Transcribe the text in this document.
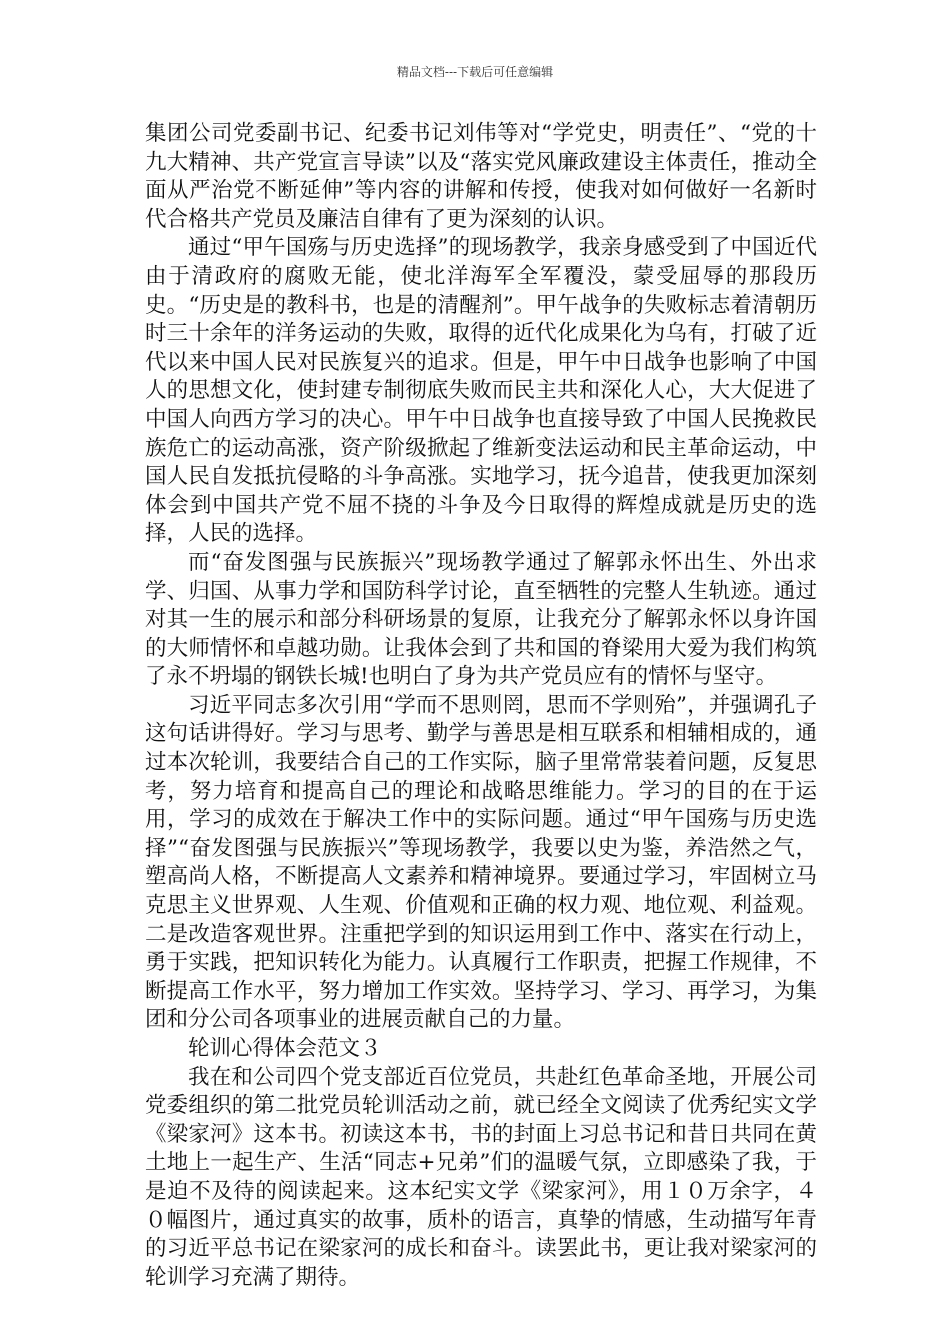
精品文档---下载后可任意编辑

集团公司党委副书记、纪委书记刘伟等对“学党史，明责任”、“党的十九大精神、共产党宣言导读”以及“落实党风廉政建设主体责任，推动全面从严治党不断延伸”等内容的讲解和传授，使我对如何做好一名新时代合格共产党员及廉洁自律有了更为深刻的认识。

通过“甲午国殇与历史选择”的现场教学，我亲身感受到了中国近代由于清政府的腐败无能，使北洋海军全军覆没，蒙受屈辱的那段历史。“历史是的教科书，也是的清醒剂”。甲午战争的失败标志着清朝历时三十余年的洋务运动的失败，取得的近代化成果化为乌有，打破了近代以来中国人民对民族复兴的追求。但是，甲午中日战争也影响了中国人的思想文化，使封建专制彻底失败而民主共和深化人心，大大促进了中国人向西方学习的决心。甲午中日战争也直接导致了中国人民挽救民族危亡的运动高涨，资产阶级掀起了维新变法运动和民主革命运动，中国人民自发抵抗侵略的斗争高涨。实地学习，抚今追昔，使我更加深刻体会到中国共产党不屈不挠的斗争及今日取得的辉煌成就是历史的选择，人民的选择。

而“奋发图强与民族振兴”现场教学通过了解郭永怀出生、外出求学、归国、从事力学和国防科学讨论，直至牺牲的完整人生轨迹。通过对其一生的展示和部分科研场景的复原，让我充分了解郭永怀以身许国的大师情怀和卓越功勋。让我体会到了共和国的脊梁用大爱为我们构筑了永不坍塌的钢铁长城!也明白了身为共产党员应有的情怀与坚守。

习近平同志多次引用“学而不思则罔，思而不学则殆”，并强调孔子这句话讲得好。学习与思考、勤学与善思是相互联系和相辅相成的，通过本次轮训，我要结合自己的工作实际，脑子里常常装着问题，反复思考，努力培育和提高自己的理论和战略思维能力。学习的目的在于运用，学习的成效在于解决工作中的实际问题。通过“甲午国殇与历史选择”“奋发图强与民族振兴”等现场教学，我要以史为鉴，养浩然之气，塑高尚人格，不断提高人文素养和精神境界。要通过学习，牢固树立马克思主义世界观、人生观、价值观和正确的权力观、地位观、利益观。二是改造客观世界。注重把学到的知识运用到工作中、落实在行动上，勇于实践，把知识转化为能力。认真履行工作职责，把握工作规律，不断提高工作水平，努力增加工作实效。坚持学习、学习、再学习，为集团和分公司各项事业的进展贡献自己的力量。

轮训心得体会范文３

我在和公司四个党支部近百位党员，共赴红色革命圣地，开展公司党委组织的第二批党员轮训活动之前，就已经全文阅读了优秀纪实文学《梁家河》这本书。初读这本书，书的封面上习总书记和昔日共同在黄土地上一起生产、生活“同志+兄弟”们的温暖气氛，立即感染了我，于是迫不及待的阅读起来。这本纪实文学《梁家河》，用１０万余字，４０幅图片，通过真实的故事，质朴的语言，真挚的情感，生动描写年青的习近平总书记在梁家河的成长和奋斗。读罢此书，更让我对梁家河的轮训学习充满了期待。
